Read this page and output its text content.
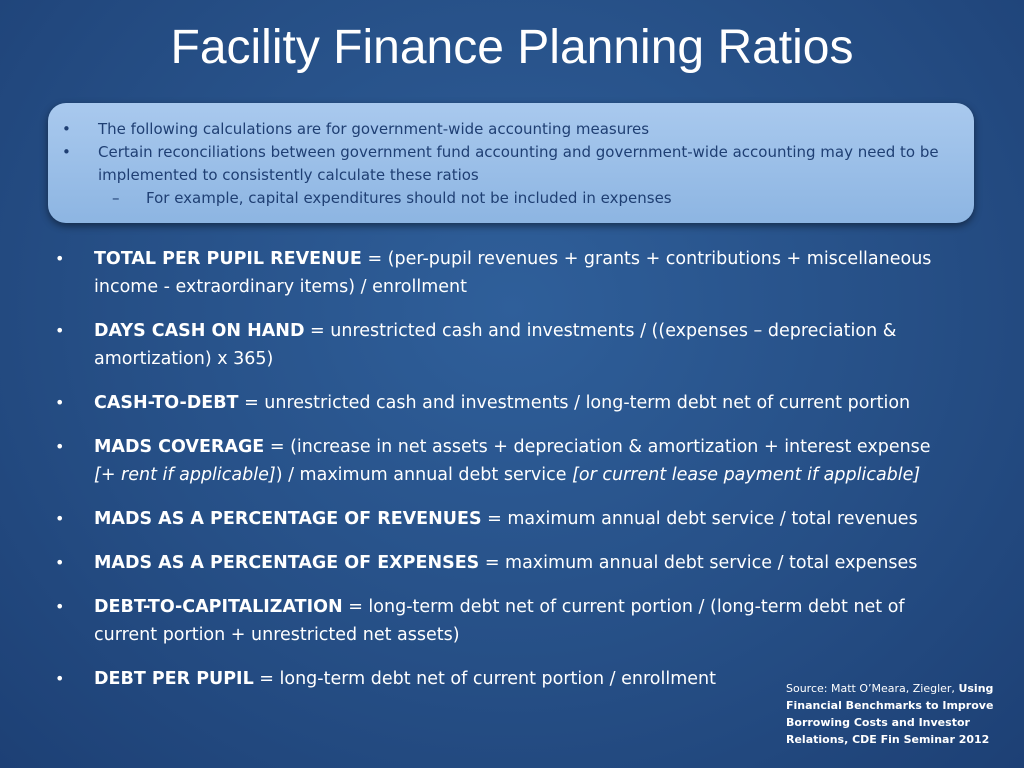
Facility Finance Planning Ratios
•	The following calculations are for government-wide accounting measures
•	Certain reconciliations between government fund accounting and government-wide accounting may need to be implemented to consistently calculate these ratios
–	For example, capital expenditures should not be included in expenses
•	TOTAL PER PUPIL REVENUE = (per-pupil revenues + grants + contributions + miscellaneous income - extraordinary items) / enrollment
•	DAYS CASH ON HAND = unrestricted cash and investments / ((expenses – depreciation & amortization) x 365)
•	CASH-TO-DEBT = unrestricted cash and investments / long-term debt net of current portion
•	MADS COVERAGE = (increase in net assets + depreciation & amortization + interest expense [+ rent if applicable]) / maximum annual debt service [or current lease payment if applicable]
•	MADS AS A PERCENTAGE OF REVENUES = maximum annual debt service / total revenues
•	MADS AS A PERCENTAGE OF EXPENSES = maximum annual debt service / total expenses
•	DEBT-TO-CAPITALIZATION = long-term debt net of current portion / (long-term debt net of current portion + unrestricted net assets)
•	DEBT PER PUPIL = long-term debt net of current portion / enrollment	Source: Matt O’Meara, Ziegler, Using Financial Benchmarks to Improve Borrowing Costs and Investor Relations, CDE Fin Seminar 2012
